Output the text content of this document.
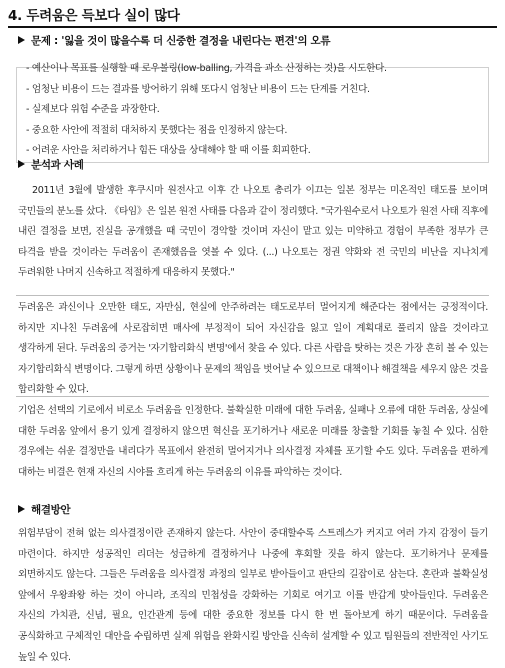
4. 두려움은 득보다 실이 많다
문제 : '잃을 것이 많을수록 더 신중한 결정을 내린다는 편견'의 오류
- 예산이나 목표를 실행할 때 로우볼링(low-balling, 가격을 과소 산정하는 것)을 시도한다.
- 엄청난 비용이 드는 결과를 방어하기 위해 또다시 엄청난 비용이 드는 단계를 거친다.
- 실제보다 위험 수준을 과장한다.
- 중요한 사안에 적절히 대처하지 못했다는 점을 인정하지 않는다.
- 어려운 사안을 처리하거나 힘든 대상을 상대해야 할 때 이를 회피한다.
분석과 사례

2011년 3월에 발생한 후쿠시마 원전사고 이후 간 나오토 총리가 이끄는 일본 정부는 미온적인 태도를 보이며 국민들의 분노를 샀다. 《타임》은 일본 원전 사태를 다음과 같이 정리했다. "국가원수로서 나오토가 원전 사태 직후에 내린 결정을 보면, 진실을 공개했을 때 국민이 경악할 것이며 자신이 맡고 있는 미약하고 경험이 부족한 정부가 큰 타격을 받을 것이라는 두려움이 존재했음을 엿볼 수 있다. (...) 나오토는 정권 약화와 전 국민의 비난을 지나치게 두려워한 나머지 신속하고 적절하게 대응하지 못했다."

두려움은 과신이나 오만한 태도, 자만심, 현실에 안주하려는 태도로부터 멀어지게 해준다는 점에서는 긍정적이다. 하지만 지나친 두려움에 사로잡히면 매사에 부정적이 되어 자신감을 잃고 일이 계획대로 풀리지 않을 것이라고 생각하게 된다. 두려움의 증거는 '자기합리화식 변명'에서 찾을 수 있다. 다른 사람을 탓하는 것은 가장 흔히 볼 수 있는 자기합리화식 변명이다. 그렇게 하면 상황이나 문제의 책임을 벗어날 수 있으므로 대책이나 해결책을 세우지 않은 것을 합리화할 수 있다.

기업은 선택의 기로에서 비로소 두려움을 인정한다. 불확실한 미래에 대한 두려움, 실패나 오류에 대한 두려움, 상실에 대한 두려움 앞에서 용기 있게 결정하지 않으면 혁신을 포기하거나 새로운 미래를 창출할 기회를 놓칠 수 있다. 심한 경우에는 쉬운 결정만을 내리다가 목표에서 완전히 멀어지거나 의사결정 자체를 포기할 수도 있다. 두려움을 편하게 대하는 비결은 현재 자신의 시야를 흐리게 하는 두려움의 이유를 파악하는 것이다.

해결방안

위험부담이 전혀 없는 의사결정이란 존재하지 않는다. 사안이 중대할수록 스트레스가 커지고 여러 가지 감정이 들기 마련이다. 하지만 성공적인 리더는 성급하게 결정하거나 나중에 후회할 짓을 하지 않는다. 포기하거나 문제를 외면하지도 않는다. 그들은 두려움을 의사결정 과정의 일부로 받아들이고 판단의 길잡이로 삼는다. 혼란과 불확실성 앞에서 우왕좌왕 하는 것이 아니라, 조직의 민첩성을 강화하는 기회로 여기고 이를 반갑게 맞아들인다. 두려움은 자신의 가치관, 신념, 필요, 인간관계 등에 대한 중요한 정보를 다시 한 번 돌아보게 하기 때문이다. 두려움을 공식화하고 구체적인 대안을 수립하면 실제 위험을 완화시킬 방안을 신속히 설계할 수 있고 팀원들의 전반적인 사기도 높일 수 있다.
